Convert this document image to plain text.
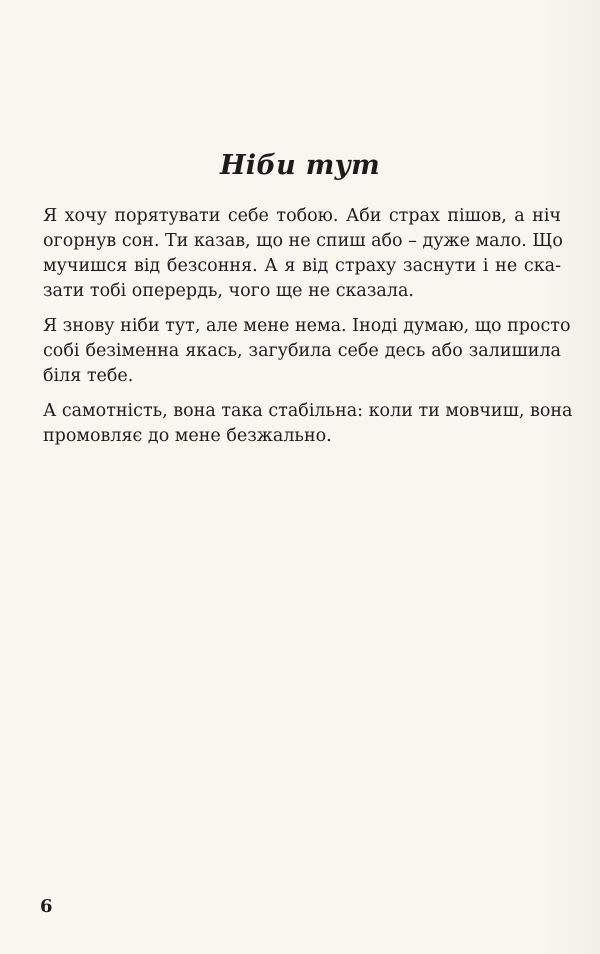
Ніби тут

Я хочу порятувати себе тобою. Аби страх пішов, а ніч
огорнув сон. Ти казав, що не спиш або – дуже мало. Що
мучишся від безсоння. А я від страху заснути і не ска-
зати тобі оперердь, чого ще не сказала.

Я знову ніби тут, але мене нема. Іноді думаю, що просто
собі безіменна якась, загубила себе десь або залишила
біля тебе.

А самотність, вона така стабільна: коли ти мовчиш, вона
промовляє до мене безжально.

6
